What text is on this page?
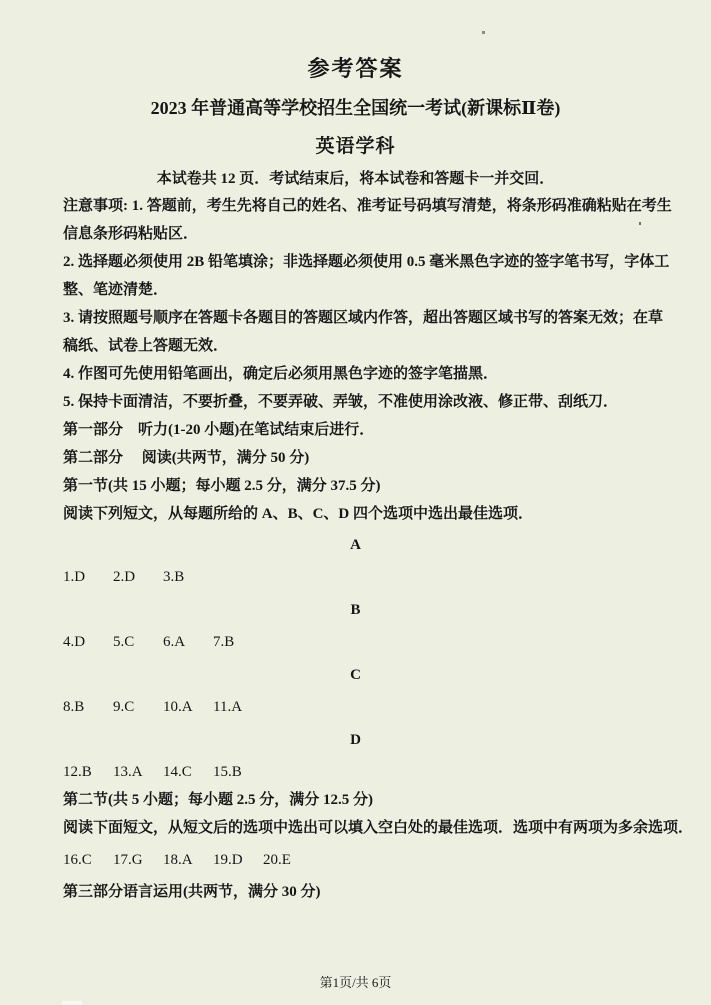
参考答案
2023 年普通高等学校招生全国统一考试(新课标Ⅱ卷)
英语学科
本试卷共 12 页．考试结束后，将本试卷和答题卡一并交回．
注意事项: 1. 答题前，考生先将自己的姓名、准考证号码填写清楚，将条形码准确粘贴在考生
信息条形码粘贴区．
2. 选择题必须使用 2B 铅笔填涂；非选择题必须使用 0.5 毫米黑色字迹的签字笔书写，字体工
整、笔迹清楚．
3. 请按照题号顺序在答题卡各题目的答题区域内作答，超出答题区域书写的答案无效；在草
稿纸、试卷上答题无效．
4. 作图可先使用铅笔画出，确定后必须用黑色字迹的签字笔描黑．
5. 保持卡面清洁，不要折叠，不要弄破、弄皱，不准使用涂改液、修正带、刮纸刀．
第一部分　听力(1-20 小题)在笔试结束后进行．
第二部分　 阅读(共两节，满分 50 分)
第一节(共 15 小题；每小题 2.5 分，满分 37.5 分)
阅读下列短文，从每题所给的 A、B、C、D 四个选项中选出最佳选项．
A
1.D 2.D 3.B
B
4.D 5.C 6.A 7.B
C
8.B 9.C 10.A 11.A
D
12.B 13.A 14.C 15.B
第二节(共 5 小题；每小题 2.5 分，满分 12.5 分)
阅读下面短文，从短文后的选项中选出可以填入空白处的最佳选项．选项中有两项为多余选项．
16.C 17.G 18.A 19.D 20.E
第三部分语言运用(共两节，满分 30 分)
第1页/共 6页
